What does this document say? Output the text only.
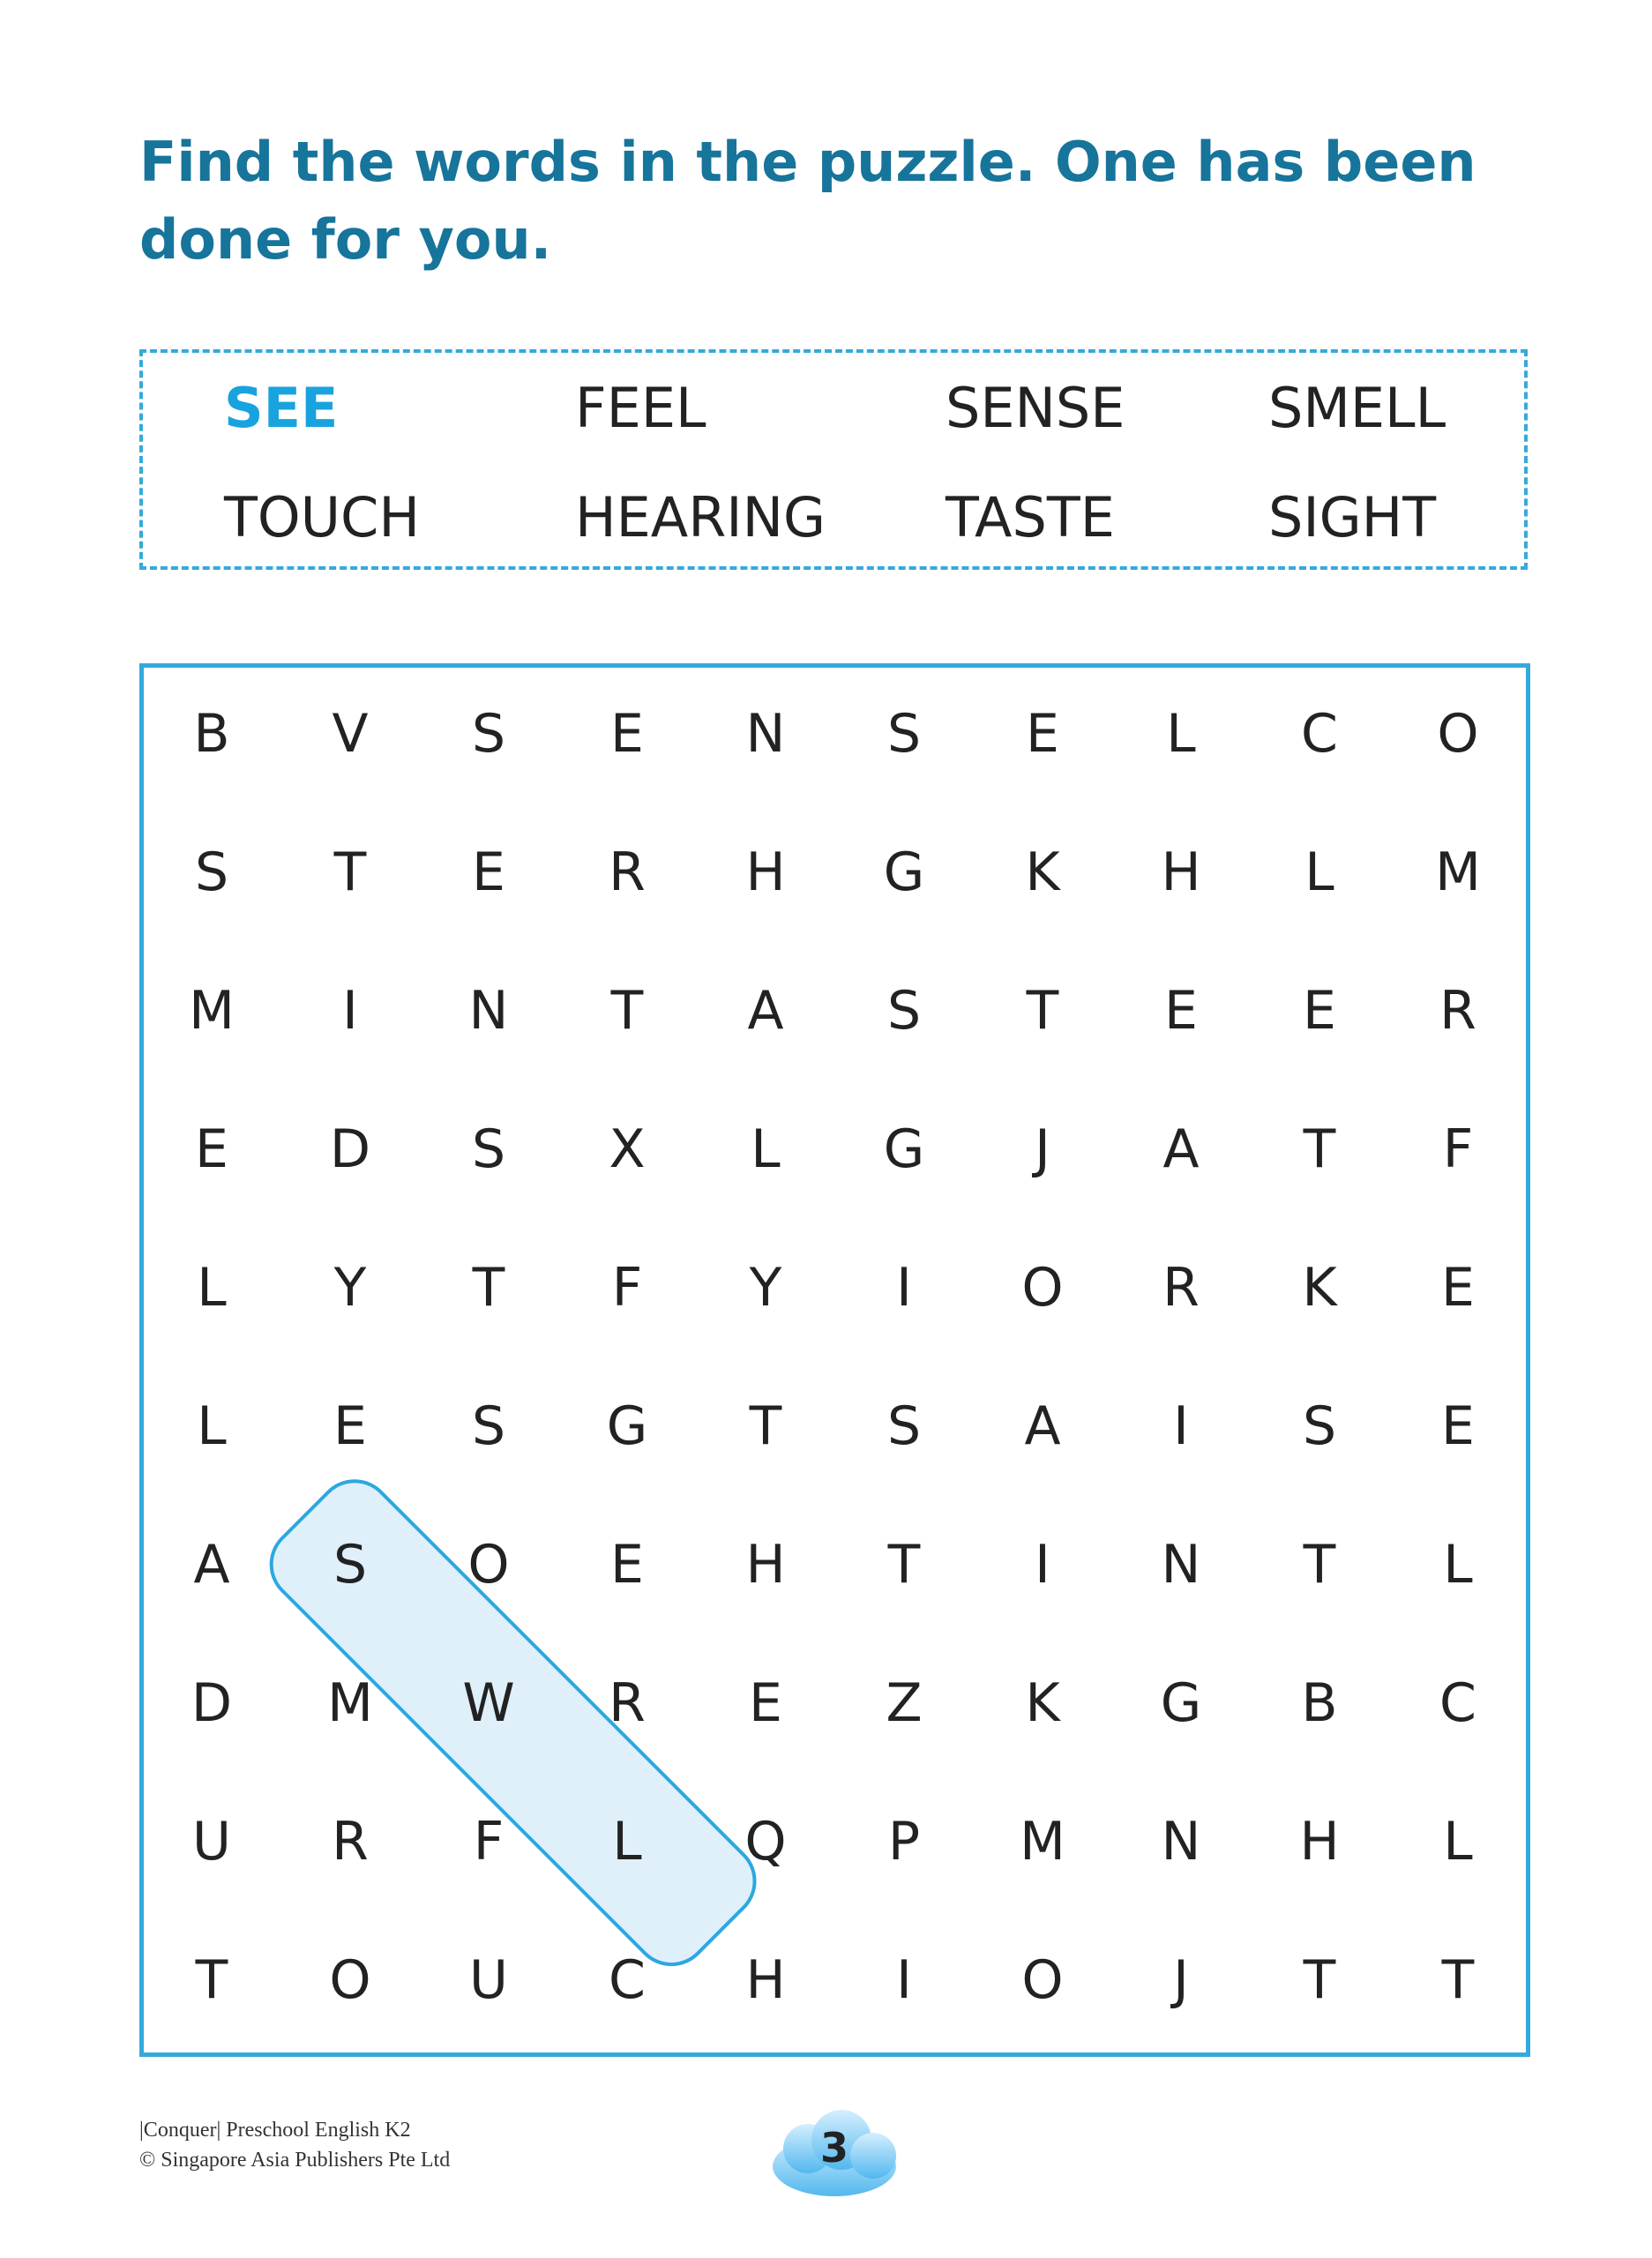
Find the words in the puzzle. One has been done for you.

SEE	FEEL	SENSE	SMELL
TOUCH	HEARING TASTE	SIGHT
B	V	S	E	N	S	E	L	C	O
S	T	E	R	H	G	K	H	L	M
M	I	N	T	A	S	T	E	E	R
E	D	S	X	L	G	J	A	T	F
L	Y	T	F	Y	I	O	R	K	E
L	E	S	G	T	S	A	I	S	E
A	S	O	E	H	T	I	N	T	L
D	M	W	R	E	Z	K	G	B	C
U	R	F	L	Q	P	M	N	H	L
T	O	U	C	H	I	O	J	T	T
|Conquer| Preschool English K2
© Singapore Asia Publishers Pte Ltd	3
